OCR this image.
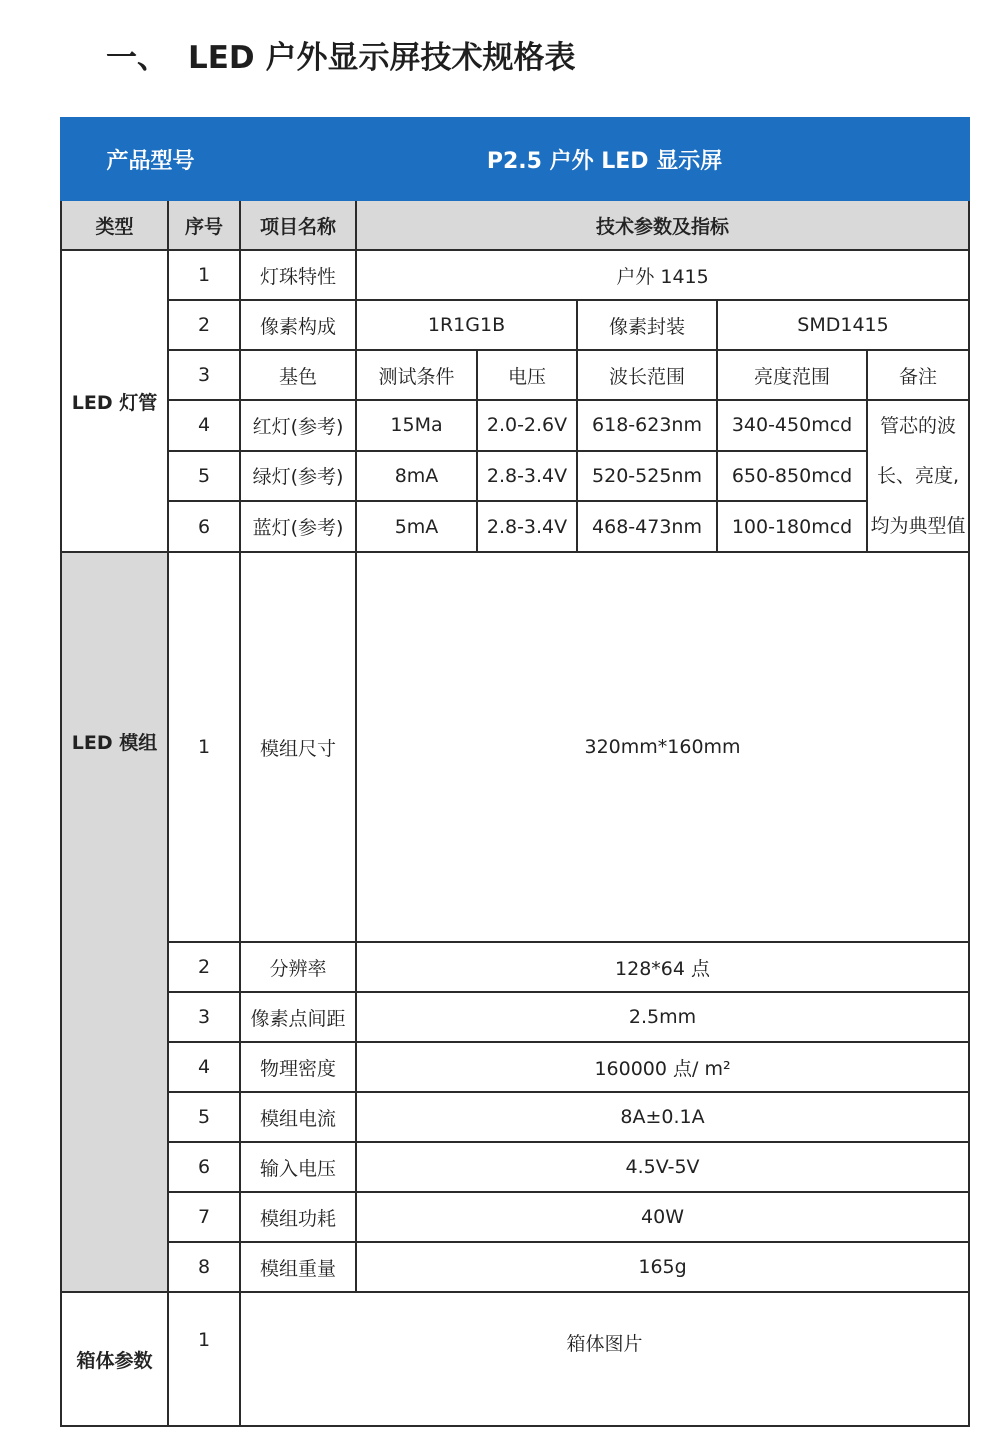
一、 LED 户外显示屏技术规格表
产品型号		P2.5 户外 LED 显示屏					
类型	序号	项目名称	技术参数及指标				
LED 灯管	1	灯珠特性	户外 1415				
	2	像素构成	1R1G1B		像素封装	SMD1415	
	3	基色	测试条件	电压	波长范围	亮度范围	备注
	4	红灯(参考)	15Ma	2.0-2.6V	618-623nm	340-450mcd	管芯的波
长、亮度,
均为典型值

	5	绿灯(参考)	8mA	2.8-3.4V	520-525nm	650-850mcd	
	6	蓝灯(参考)	5mA	2.8-3.4V	468-473nm	100-180mcd	
LED 模组	1	模组尺寸	320mm*160mm				
	2	分辨率	128*64 点				
	3	像素点间距	2.5mm				
	4	物理密度	160000 点/ m²				
	5	模组电流	8A±0.1A				
	6	输入电压	4.5V-5V				
	7	模组功耗	40W				
	8	模组重量	165g				
箱体参数	1	箱体图片					
